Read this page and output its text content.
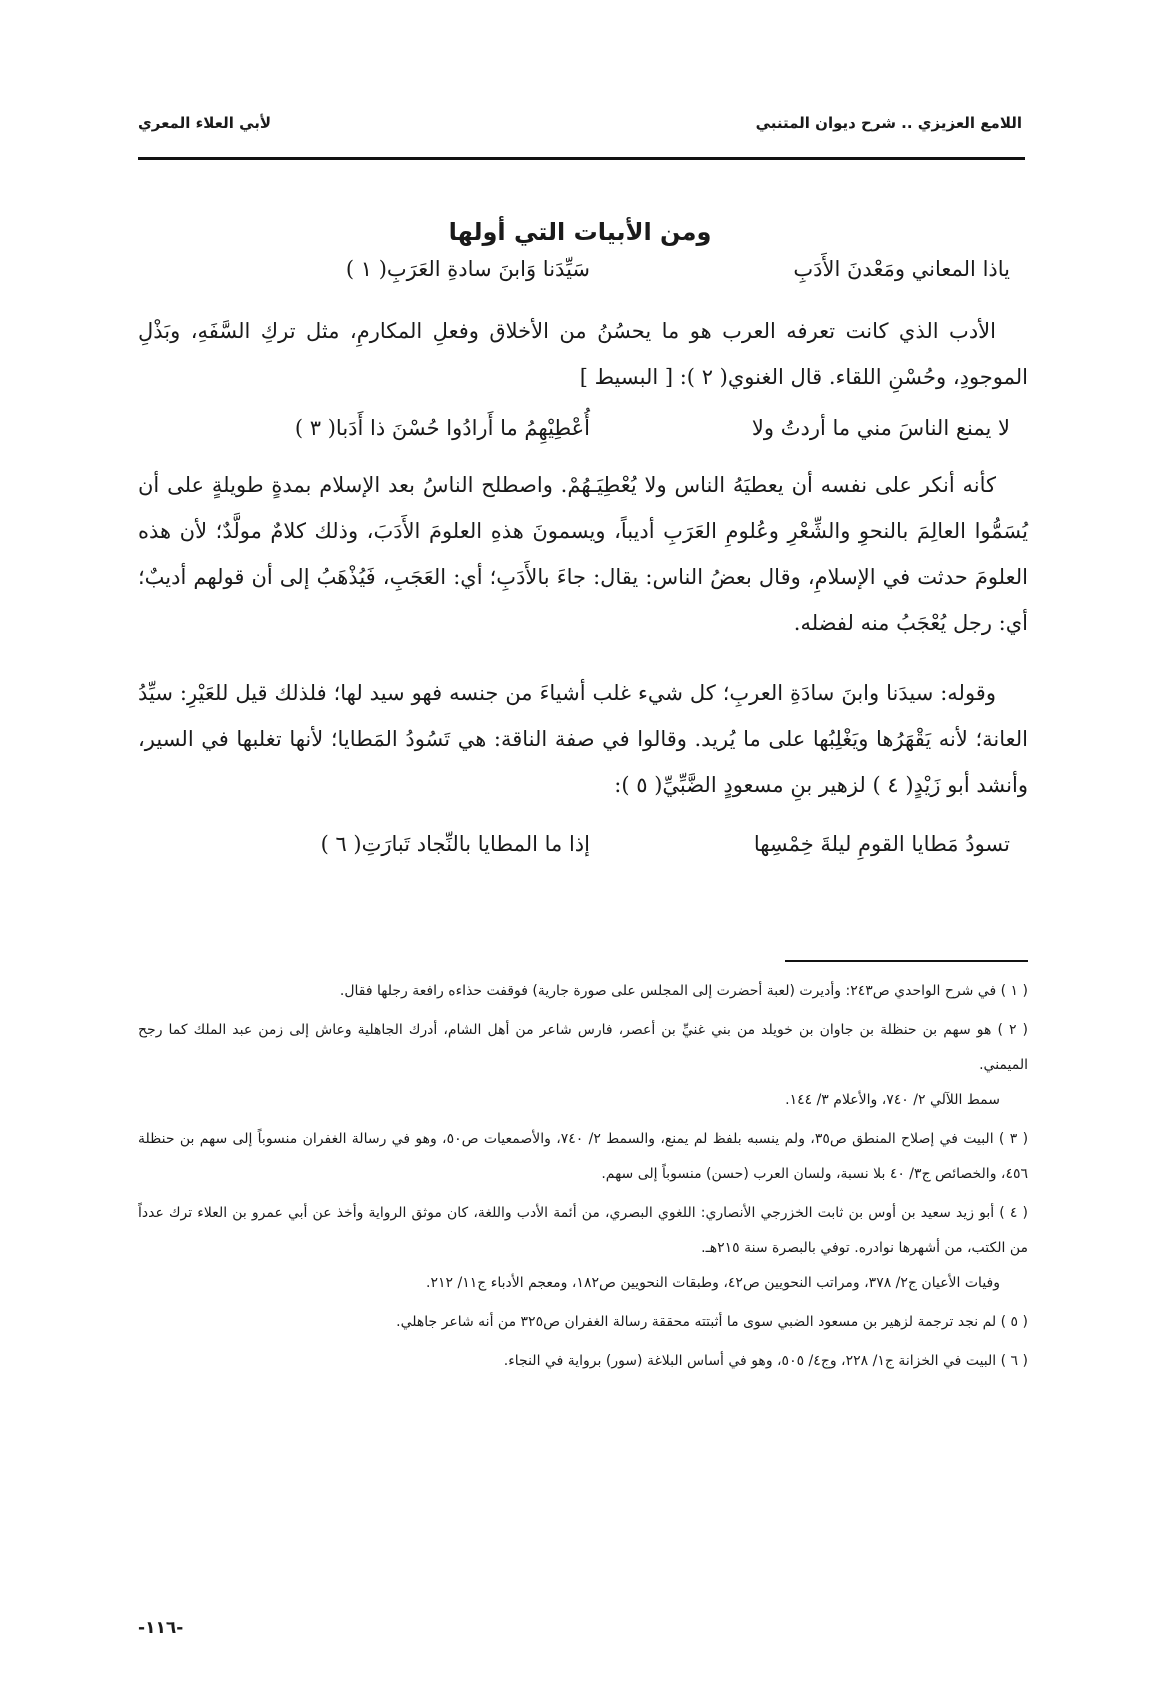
اللامع العزيزي .. شرح ديوان المتنبي
لأبي العلاء المعري
ومن الأبيات التي أولها
ياذا المعاني ومَعْدنَ الأَدَبِ
سَيِّدَنا وَابنَ سادةِ العَرَبِ( ١ )

الأدب الذي كانت تعرفه العرب هو ما يحسُنُ من الأخلاق وفعلِ المكارمِ، مثل تركِ السَّفَهِ، وبَذْلِ الموجودِ، وحُسْنِ اللقاء. قال الغنوي( ٢ ): [ البسيط ]

لا يمنع الناسَ مني ما أردتُ ولا
أُعْطِيْهِمُ ما أَرادُوا حُسْنَ ذا أَدَبا( ٣ )

كأنه أنكر على نفسه أن يعطيَهُ الناس ولا يُعْطِيَـهُمْ. واصطلح الناسُ بعد الإسلام بمدةٍ طويلةٍ على أن يُسَمُّوا العالِمَ بالنحوِ والشِّعْرِ وعُلومِ العَرَبِ أديباً، ويسمونَ هذهِ العلومَ الأَدَبَ، وذلك كلامٌ مولَّدٌ؛ لأن هذه العلومَ حدثت في الإسلامِ، وقال بعضُ الناس: يقال: جاءَ بالأَدَبِ؛ أي: العَجَبِ، فَيُذْهَبُ إلى أن قولهم أديبٌ؛ أي: رجل يُعْجَبُ منه لفضله.

وقوله: سيدَنا وابنَ سادَةِ العربِ؛ كل شيء غلب أشياءَ من جنسه فهو سيد لها؛ فلذلك قيل للعَيْرِ: سيِّدُ العانة؛ لأنه يَقْهَرُها ويَغْلِبُها على ما يُريد. وقالوا في صفة الناقة: هي تَسُودُ المَطايا؛ لأنها تغلبها في السير، وأنشد أبو زَيْدٍ( ٤ ) لزهير بنِ مسعودٍ الضَّبِّيِّ( ٥ ):

تسودُ مَطايا القومِ ليلةَ خِمْسِها
إذا ما المطايا بالنِّجاد تَبارَتِ( ٦ )

( ١ ) في شرح الواحدي ص٢٤٣: وأديرت (لعبة أحضرت إلى المجلس على صورة جارية) فوقفت حذاءه رافعة رجلها فقال.

( ٢ ) هو سهم بن حنظلة بن جاوان بن خويلد من بني غنيِّ بن أعصر، فارس شاعر من أهل الشام، أدرك الجاهلية وعاش إلى زمن عبد الملك كما رجح الميمني.

سمط اللآلي ٢/ ٧٤٠، والأعلام ٣/ ١٤٤.

( ٣ ) البيت في إصلاح المنطق ص٣٥، ولم ينسبه بلفظ لم يمنع، والسمط ٢/ ٧٤٠، والأصمعيات ص٥٠، وهو في رسالة الغفران منسوباً إلى سهم بن حنظلة ٤٥٦، والخصائص ج٣/ ٤٠ بلا نسبة، ولسان العرب (حسن) منسوباً إلى سهم.

( ٤ ) أبو زيد سعيد بن أوس بن ثابت الخزرجي الأنصاري: اللغوي البصري، من أئمة الأدب واللغة، كان موثق الرواية وأخذ عن أبي عمرو بن العلاء ترك عدداً من الكتب، من أشهرها نوادره. توفي بالبصرة سنة ٢١٥هـ.

وفيات الأعيان ج٢/ ٣٧٨، ومراتب النحويين ص٤٢، وطبقات النحويين ص١٨٢، ومعجم الأدباء ج١١/ ٢١٢.

( ٥ ) لم نجد ترجمة لزهير بن مسعود الضبي سوى ما أثبتته محققة رسالة الغفران ص٣٢٥ من أنه شاعر جاهلي.

( ٦ ) البيت في الخزانة ج١/ ٢٢٨، وج٤/ ٥٠٥، وهو في أساس البلاغة (سور) برواية في النجاء.

-١١٦-
